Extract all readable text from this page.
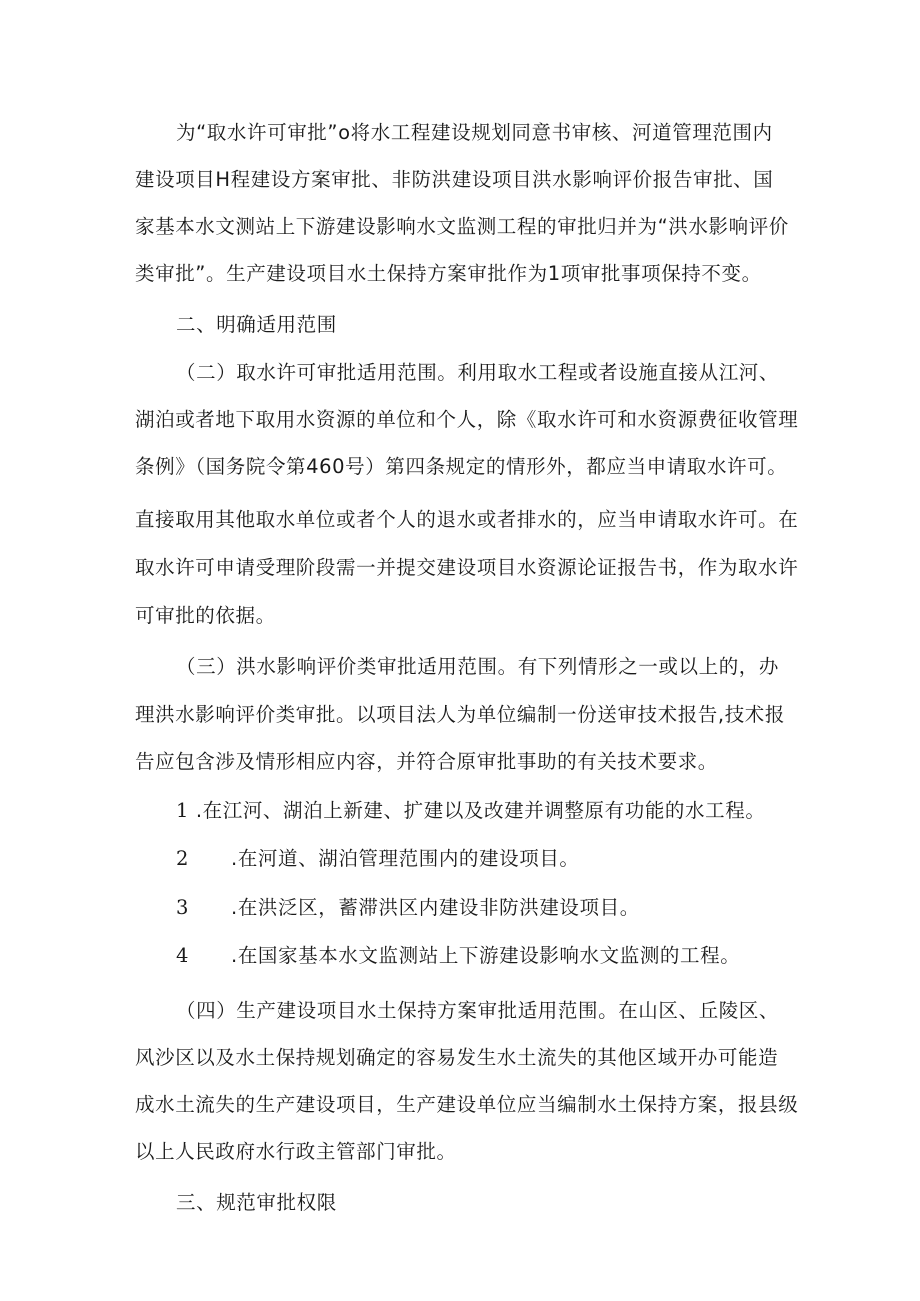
为“取水许可审批”o将水工程建设规划同意书审核、河道管理范围内
建设项目H程建设方案审批、非防洪建设项目洪水影响评价报告审批、国
家基本水文测站上下游建设影响水文监测工程的审批归并为“洪水影响评价
类审批”。生产建设项目水土保持方案审批作为1项审批事项保持不变。
二、明确适用范围
（二）取水许可审批适用范围。利用取水工程或者设施直接从江河、
湖泊或者地下取用水资源的单位和个人，除《取水许可和水资源费征收管理
条例》（国务院令第460号）第四条规定的情形外，都应当申请取水许可。
直接取用其他取水单位或者个人的退水或者排水的，应当申请取水许可。在
取水许可申请受理阶段需一并提交建设项目水资源论证报告书，作为取水许
可审批的依据。
（三）洪水影响评价类审批适用范围。有下列情形之一或以上的，办
理洪水影响评价类审批。以项目法人为单位编制一份送审技术报告,技术报
告应包含涉及情形相应内容，并符合原审批事助的有关技术要求。
1 .在江河、湖泊上新建、扩建以及改建并调整原有功能的水工程。
2 .在河道、湖泊管理范围内的建设项目。
3 .在洪泛区，蓄滞洪区内建设非防洪建设项目。
4 .在国家基本水文监测站上下游建设影响水文监测的工程。
（四）生产建设项目水土保持方案审批适用范围。在山区、丘陵区、
风沙区以及水土保持规划确定的容易发生水土流失的其他区域开办可能造
成水土流失的生产建设项目，生产建设单位应当编制水土保持方案，报县级
以上人民政府水行政主管部门审批。
三、规范审批权限
